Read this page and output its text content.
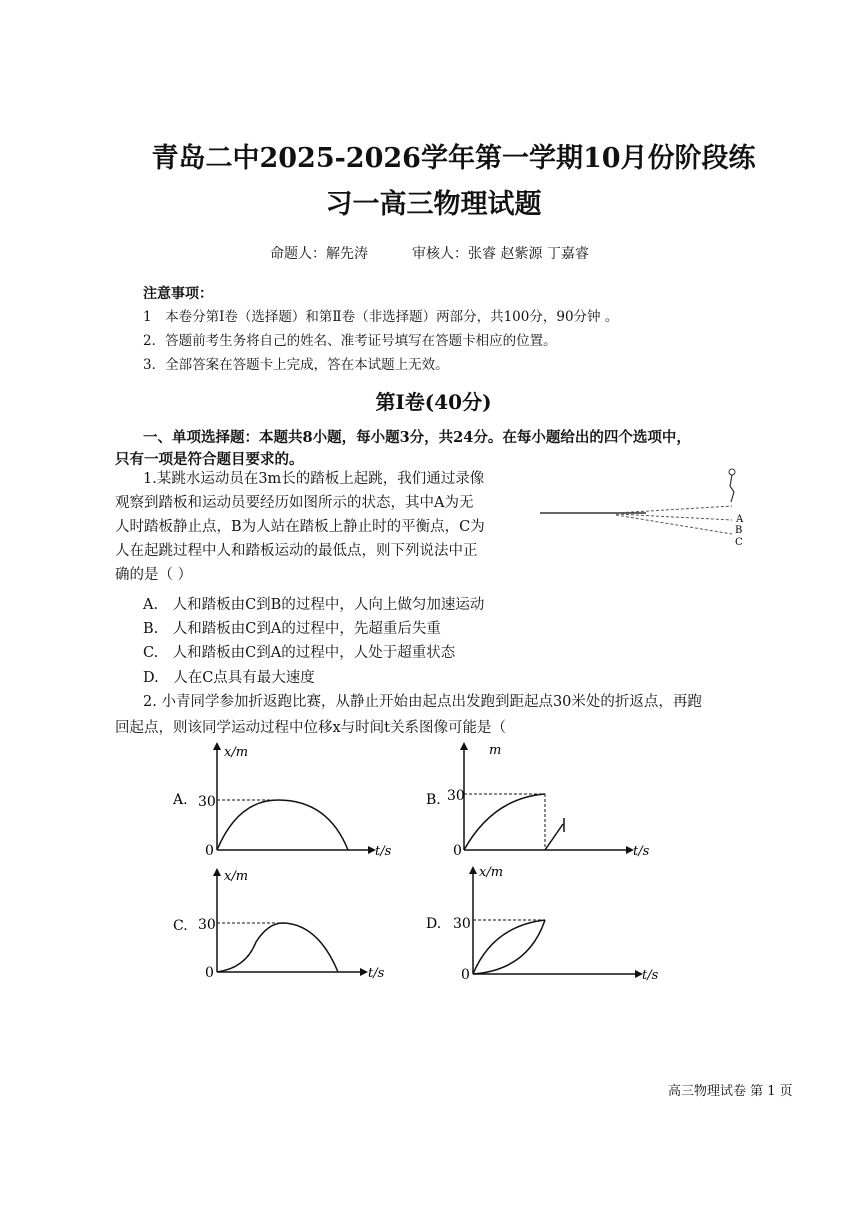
青岛二中2025-2026学年第一学期10月份阶段练
习一高三物理试题
命题人：解先涛	审核人：张睿 赵紫源 丁嘉睿
注意事项：
1　本卷分第Ⅰ卷（选择题）和第Ⅱ卷（非选择题）两部分，共100分，90分钟 。
2．答题前考生务将自己的姓名、准考证号填写在答题卡相应的位置。
3．全部答案在答题卡上完成，答在本试题上无效。
第I卷(40分)
一、单项选择题：本题共8小题，每小题3分，共24分。在每小题给出的四个选项中，
只有一项是符合题目要求的。
1.某跳水运动员在3m长的踏板上起跳，我们通过录像
观察到踏板和运动员要经历如图所示的状态，其中A为无
人时踏板静止点，B为人站在踏板上静止时的平衡点，C为
人在起跳过程中人和踏板运动的最低点，则下列说法中正
确的是（ ）
A
B
C
A.　人和踏板由C到B的过程中，人向上做匀加速运动
B.　人和踏板由C到A的过程中，先超重后失重
C.　人和踏板由C到A的过程中，人处于超重状态
D.　人在C点具有最大速度
2. 小青同学参加折返跑比赛，从静止开始由起点出发跑到距起点30米处的折返点，再跑
回起点，则该同学运动过程中位移x与时间t关系图像可能是（
A.
x/m
t/s
30
0
B.
m
t/s
30
0
C.
x/m
t/s
30
0
D.
x/m
t/s
30
0
高三物理试卷 第 1 页
